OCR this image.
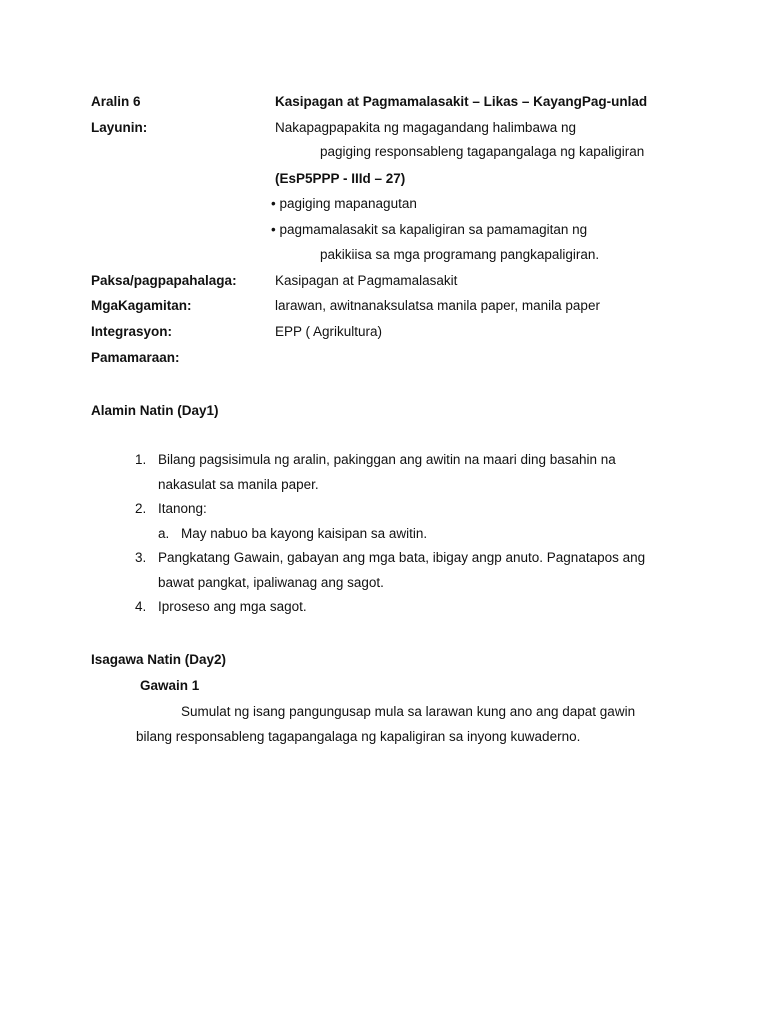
Aralin 6	Kasipagan at Pagmamalasakit – Likas – KayangPag-unlad
Layunin:	Nakapagpapakita ng magagandang halimbawa ng
pagiging responsableng tagapangalaga ng kapaligiran
(EsP5PPP - IIId – 27)
• pagiging mapanagutan
• pagmamalasakit sa kapaligiran sa pamamagitan ng
pakikiisa sa mga programang pangkapaligiran.
Paksa/pagpapahalaga:	Kasipagan at Pagmamalasakit
MgaKagamitan:	larawan, awitnanaksulatsa manila paper, manila paper
Integrasyon:	EPP ( Agrikultura)
Pamamaraan:
Alamin Natin (Day1)
1. Bilang pagsisimula ng aralin, pakinggan ang awitin na maari ding basahin na
nakasulat sa manila paper.
2. Itanong:
a. May nabuo ba kayong kaisipan sa awitin.
3. Pangkatang Gawain, gabayan ang mga bata, ibigay angp anuto. Pagnatapos ang
bawat pangkat, ipaliwanag ang sagot.
4. Iproseso ang mga sagot.
Isagawa Natin (Day2)
Gawain 1
Sumulat ng isang pangungusap mula sa larawan kung ano ang dapat gawin
bilang responsableng tagapangalaga ng kapaligiran sa inyong kuwaderno.
